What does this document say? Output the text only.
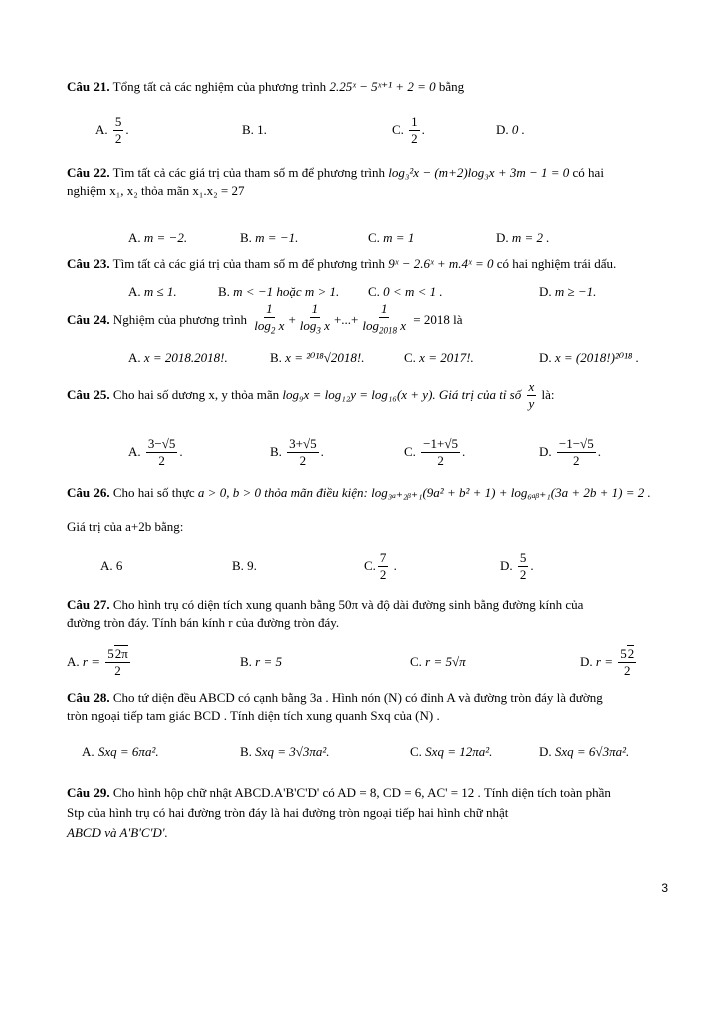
Câu 21. Tổng tất cả các nghiệm của phương trình 2.25ˣ − 5ˣ⁺¹ + 2 = 0 bằng
A.
$\frac{5}{2}$ .	B.
1.	C.
$\frac{1}{2}$ .	D.
0 .
Câu 22. Tìm tất cả các giá trị của tham số m để phương trình log₃²x − (m+2)log₃x + 3m − 1 = 0 có hai
nghiệm x₁, x₂ thỏa mãn x₁.x₂ = 27
A.
m = −2.	B.
m = −1.	C.
m = 1	D.
m = 2 .
Câu 23. Tìm tất cả các giá trị của tham số m để phương trình 9ˣ − 2.6ˣ + m.4ˣ = 0 có hai nghiệm trái dấu.
A.
m ≤ 1.	B.
m < −1 hoặc m > 1. C.
0 < m < 1 .	D.
m ≥ −1.
Câu 24.
Nghiệm của phương trình
$\frac{1}{\log_2 x} + \frac{1}{\log_3 x}$ +...+ $\frac{1}{\log_{2018} x}$
= 2018
là
A.
x = 2018.2018!.	B.
x = ²⁰¹⁸√2018!.	C.
x = 2017!.	D.
x = (2018!)²⁰¹⁸ .
Câu 25.
Cho hai số dương x, y thỏa mãn
log₉x = log₁₂y = log₁₆(x + y). Giá trị của tỉ số
$\frac{x}{y}$
là:
A.
$\frac{3-√5}{2}$ .	B.
$\frac{3+√5}{2}$ .	C.
$\frac{-1+√5}{2}$ .	D.
$\frac{-1-√5}{2}$ .
Câu 26. Cho hai số thực a > 0, b > 0 thỏa mãn điều kiện: log₃ₐ₊₂ᵦ₊₁(9a² + b² + 1) + log₆ₐᵦ₊₁(3a + 2b + 1) = 2 .
Giá trị của a+2b bằng:
A.
6	B.
9.	C. $\frac{7}{2}$ .	D.
$\frac{5}{2}$ .
Câu 27. Cho hình trụ có diện tích xung quanh bằng 50π và độ dài đường sinh bằng đường kính của
đường tròn đáy. Tính bán kính r của đường tròn đáy.
A.
r =
$\frac{52\pi}{2}$	B.
r = 5	C.
r = 5√π	D.
r =
$\frac{52}{2}$
Câu 28. Cho tứ diện đều ABCD có cạnh bằng 3a . Hình nón (N) có đỉnh A và đường tròn đáy là đường
tròn ngoại tiếp tam giác BCD . Tính diện tích xung quanh Sxq của (N) .
A.
Sxq = 6πa².	B.
Sxq = 3√3πa².	C.
Sxq = 12πa².	D.
Sxq = 6√3πa².
Câu 29. Cho hình hộp chữ nhật ABCD.A'B'C'D' có AD = 8, CD = 6, AC' = 12 . Tính diện tích toàn phần
Stp của hình trụ có hai đường tròn đáy là hai đường tròn ngoại tiếp hai hình chữ nhật
ABCD và A'B'C'D'.
3
